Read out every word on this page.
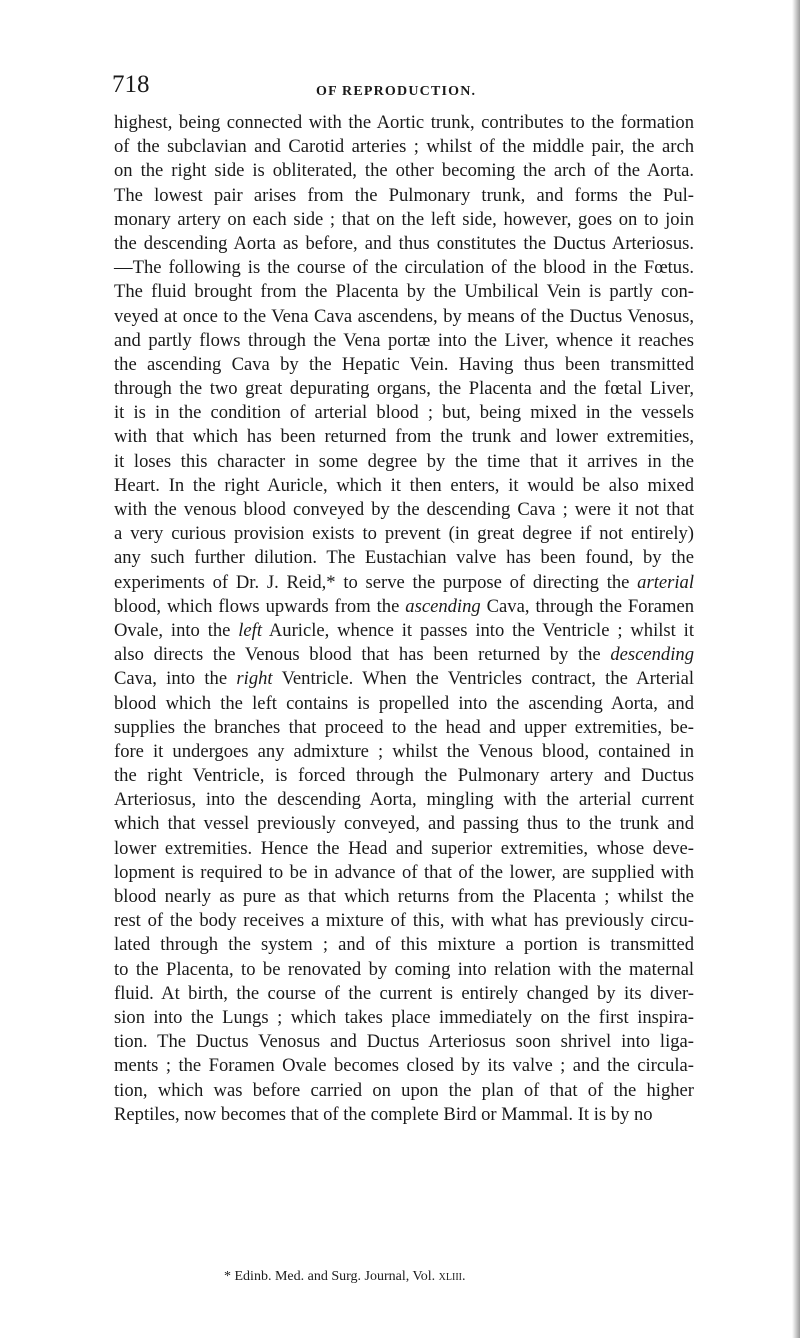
718	OF REPRODUCTION.
highest, being connected with the Aortic trunk, contributes to the formation
of the subclavian and Carotid arteries ; whilst of the middle pair, the arch
on the right side is obliterated, the other becoming the arch of the Aorta.
The lowest pair arises from the Pulmonary trunk, and forms the Pul-
monary artery on each side ; that on the left side, however, goes on to join
the descending Aorta as before, and thus constitutes the Ductus Arteriosus.
—The following is the course of the circulation of the blood in the Fœtus.
The fluid brought from the Placenta by the Umbilical Vein is partly con-
veyed at once to the Vena Cava ascendens, by means of the Ductus Venosus,
and partly flows through the Vena portæ into the Liver, whence it reaches
the ascending Cava by the Hepatic Vein. Having thus been transmitted
through the two great depurating organs, the Placenta and the fœtal Liver,
it is in the condition of arterial blood ; but, being mixed in the vessels
with that which has been returned from the trunk and lower extremities,
it loses this character in some degree by the time that it arrives in the
Heart. In the right Auricle, which it then enters, it would be also mixed
with the venous blood conveyed by the descending Cava ; were it not that
a very curious provision exists to prevent (in great degree if not entirely)
any such further dilution. The Eustachian valve has been found, by the
experiments of Dr. J. Reid,* to serve the purpose of directing the arterial
blood, which flows upwards from the ascending Cava, through the Foramen
Ovale, into the left Auricle, whence it passes into the Ventricle ; whilst it
also directs the Venous blood that has been returned by the descending
Cava, into the right Ventricle. When the Ventricles contract, the Arterial
blood which the left contains is propelled into the ascending Aorta, and
supplies the branches that proceed to the head and upper extremities, be-
fore it undergoes any admixture ; whilst the Venous blood, contained in
the right Ventricle, is forced through the Pulmonary artery and Ductus
Arteriosus, into the descending Aorta, mingling with the arterial current
which that vessel previously conveyed, and passing thus to the trunk and
lower extremities. Hence the Head and superior extremities, whose deve-
lopment is required to be in advance of that of the lower, are supplied with
blood nearly as pure as that which returns from the Placenta ; whilst the
rest of the body receives a mixture of this, with what has previously circu-
lated through the system ; and of this mixture a portion is transmitted
to the Placenta, to be renovated by coming into relation with the maternal
fluid. At birth, the course of the current is entirely changed by its diver-
sion into the Lungs ; which takes place immediately on the first inspira-
tion. The Ductus Venosus and Ductus Arteriosus soon shrivel into liga-
ments ; the Foramen Ovale becomes closed by its valve ; and the circula-
tion, which was before carried on upon the plan of that of the higher
Reptiles, now becomes that of the complete Bird or Mammal. It is by no
* Edinb. Med. and Surg. Journal, Vol. xliii.
